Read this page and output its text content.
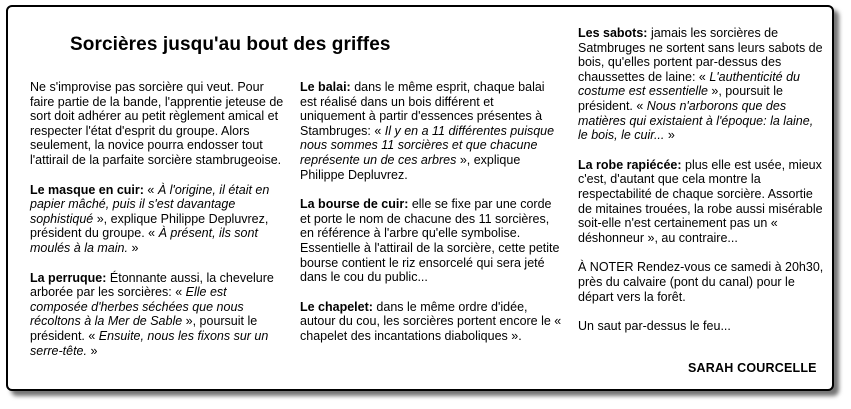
Sorcières jusqu'au bout des griffes

Ne s'improvise pas sorcière qui veut. Pour faire partie de la bande, l'apprentie jeteuse de sort doit adhérer au petit règlement amical et respecter l'état d'esprit du groupe. Alors seulement, la novice pourra endosser tout l'attirail de la parfaite sorcière stambrugeoise.

Le masque en cuir: « À l'origine, il était en papier mâché, puis il s'est davantage sophistiqué », explique Philippe Depluvrez, président du groupe. « À présent, ils sont moulés à la main. »

La perruque: Étonnante aussi, la chevelure arborée par les sorcières: « Elle est composée d'herbes séchées que nous récoltons à la Mer de Sable », poursuit le président. « Ensuite, nous les fixons sur un serre-tête. »

Le balai: dans le même esprit, chaque balai est réalisé dans un bois différent et uniquement à partir d'essences présentes à Stambruges: « Il y en a 11 différentes puisque nous sommes 11 sorcières et que chacune représente un de ces arbres », explique Philippe Depluvrez.

La bourse de cuir: elle se fixe par une corde et porte le nom de chacune des 11 sorcières, en référence à l'arbre qu'elle symbolise. Essentielle à l'attirail de la sorcière, cette petite bourse contient le riz ensorcelé qui sera jeté dans le cou du public...

Le chapelet: dans le même ordre d'idée, autour du cou, les sorcières portent encore le « chapelet des incantations diaboliques ».

Les sabots: jamais les sorcières de Satmbruges ne sortent sans leurs sabots de bois, qu'elles portent par-dessus des chaussettes de laine: « L'authenticité du costume est essentielle », poursuit le président. « Nous n'arborons que des matières qui existaient à l'époque: la laine, le bois, le cuir... »

La robe rapiécée: plus elle est usée, mieux c'est, d'autant que cela montre la respectabilité de chaque sorcière. Assortie de mitaines trouées, la robe aussi misérable soit-elle n'est certainement pas un « déshonneur », au contraire...

À NOTER Rendez-vous ce samedi à 20h30, près du calvaire (pont du canal) pour le départ vers la forêt.

Un saut par-dessus le feu...

SARAH COURCELLE
